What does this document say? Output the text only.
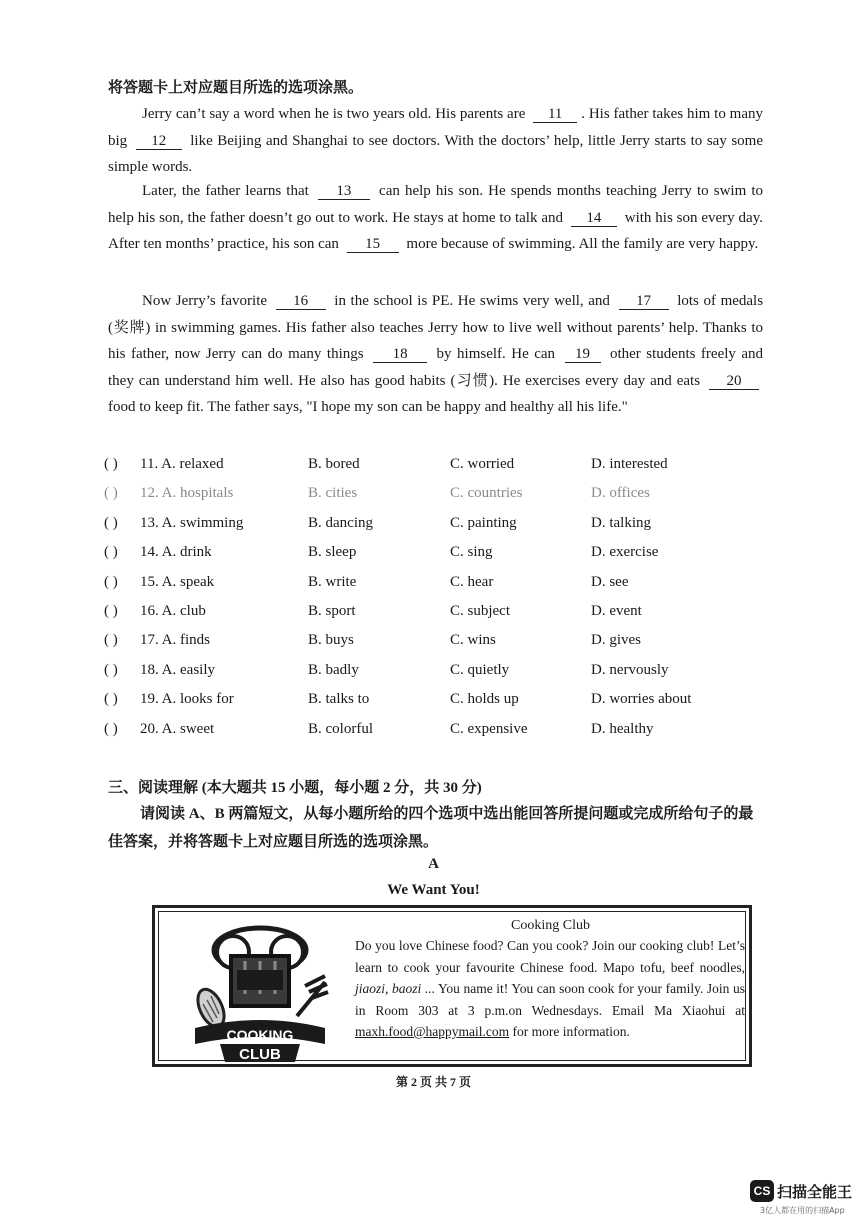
将答题卡上对应题目所选的选项涂黑。

Jerry can’t say a word when he is two years old. His parents are 11 . His father takes him to many big 12 like Beijing and Shanghai to see doctors. With the doctors’ help, little Jerry starts to say some simple words.

Later, the father learns that 13 can help his son. He spends months teaching Jerry to swim to help his son, the father doesn’t go out to work. He stays at home to talk and 14 with his son every day. After ten months’ practice, his son can 15 more because of swimming. All the family are very happy.

Now Jerry’s favorite 16 in the school is PE. He swims very well, and 17 lots of medals (奖牌) in swimming games. His father also teaches Jerry how to live well without parents’ help. Thanks to his father, now Jerry can do many things 18 by himself. He can 19 other students freely and they can understand him well. He also has good habits (习惯). He exercises every day and eats 20 food to keep fit. The father says, "I hope my son can be happy and healthy all his life."

( ) 11. A. relaxed	B. bored	C. worried	D. interested
( ) 12. A. hospitals	B. cities	C. countries	D. offices
( ) 13. A. swimming	B. dancing	C. painting	D. talking
( ) 14. A. drink	B. sleep	C. sing	D. exercise
( ) 15. A. speak	B. write	C. hear	D. see
( ) 16. A. club	B. sport	C. subject	D. event
( ) 17. A. finds	B. buys	C. wins	D. gives
( ) 18. A. easily	B. badly	C. quietly	D. nervously
( ) 19. A. looks for	B. talks to	C. holds up	D. worries about
( ) 20. A. sweet	B. colorful	C. expensive	D. healthy
三、阅读理解 (本大题共 15 小题，每小题 2 分，共 30 分)

请阅读 A、B 两篇短文，从每小题所给的四个选项中选出能回答所提问题或完成所给句子的最佳答案，并将答题卡上对应题目所选的选项涂黑。

A
We Want You!
COOKING
CLUB
Cooking Club

Do you love Chinese food? Can you cook? Join our cooking club! Let’s learn to cook your favourite Chinese food. Mapo tofu, beef noodles, jiaozi, baozi ... You name it! You can soon cook for your family. Join us in Room 303 at 3 p.m.on Wednesdays. Email Ma Xiaohui at maxh.food@happymail.com for more information.

第 2 页 共 7 页
CS 扫描全能王
3亿人都在用的扫描App
